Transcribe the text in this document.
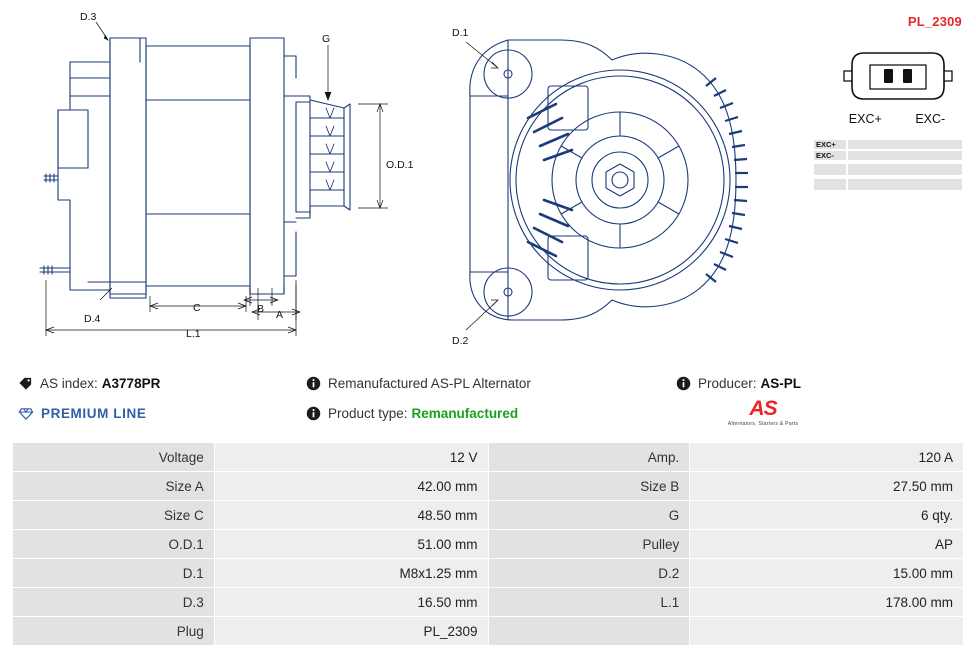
D.3
D.4
G
O.D.1
A
B
C
L.1
D.1
D.2
PL_2309
EXC+	EXC-
EXC+
EXC-
AS index: A3778PR	Remanufactured AS-PL Alternator	Producer: AS-PL
PREMIUM LINE	Product type: Remanufactured	AS
Alternators, Starters & Parts
Voltage	12 V	Amp.	120 A
Size A	42.00 mm	Size B	27.50 mm
Size C	48.50 mm	G	6 qty.
O.D.1	51.00 mm	Pulley	AP
D.1	M8x1.25 mm	D.2	15.00 mm
D.3	16.50 mm	L.1	178.00 mm
Plug	PL_2309		
